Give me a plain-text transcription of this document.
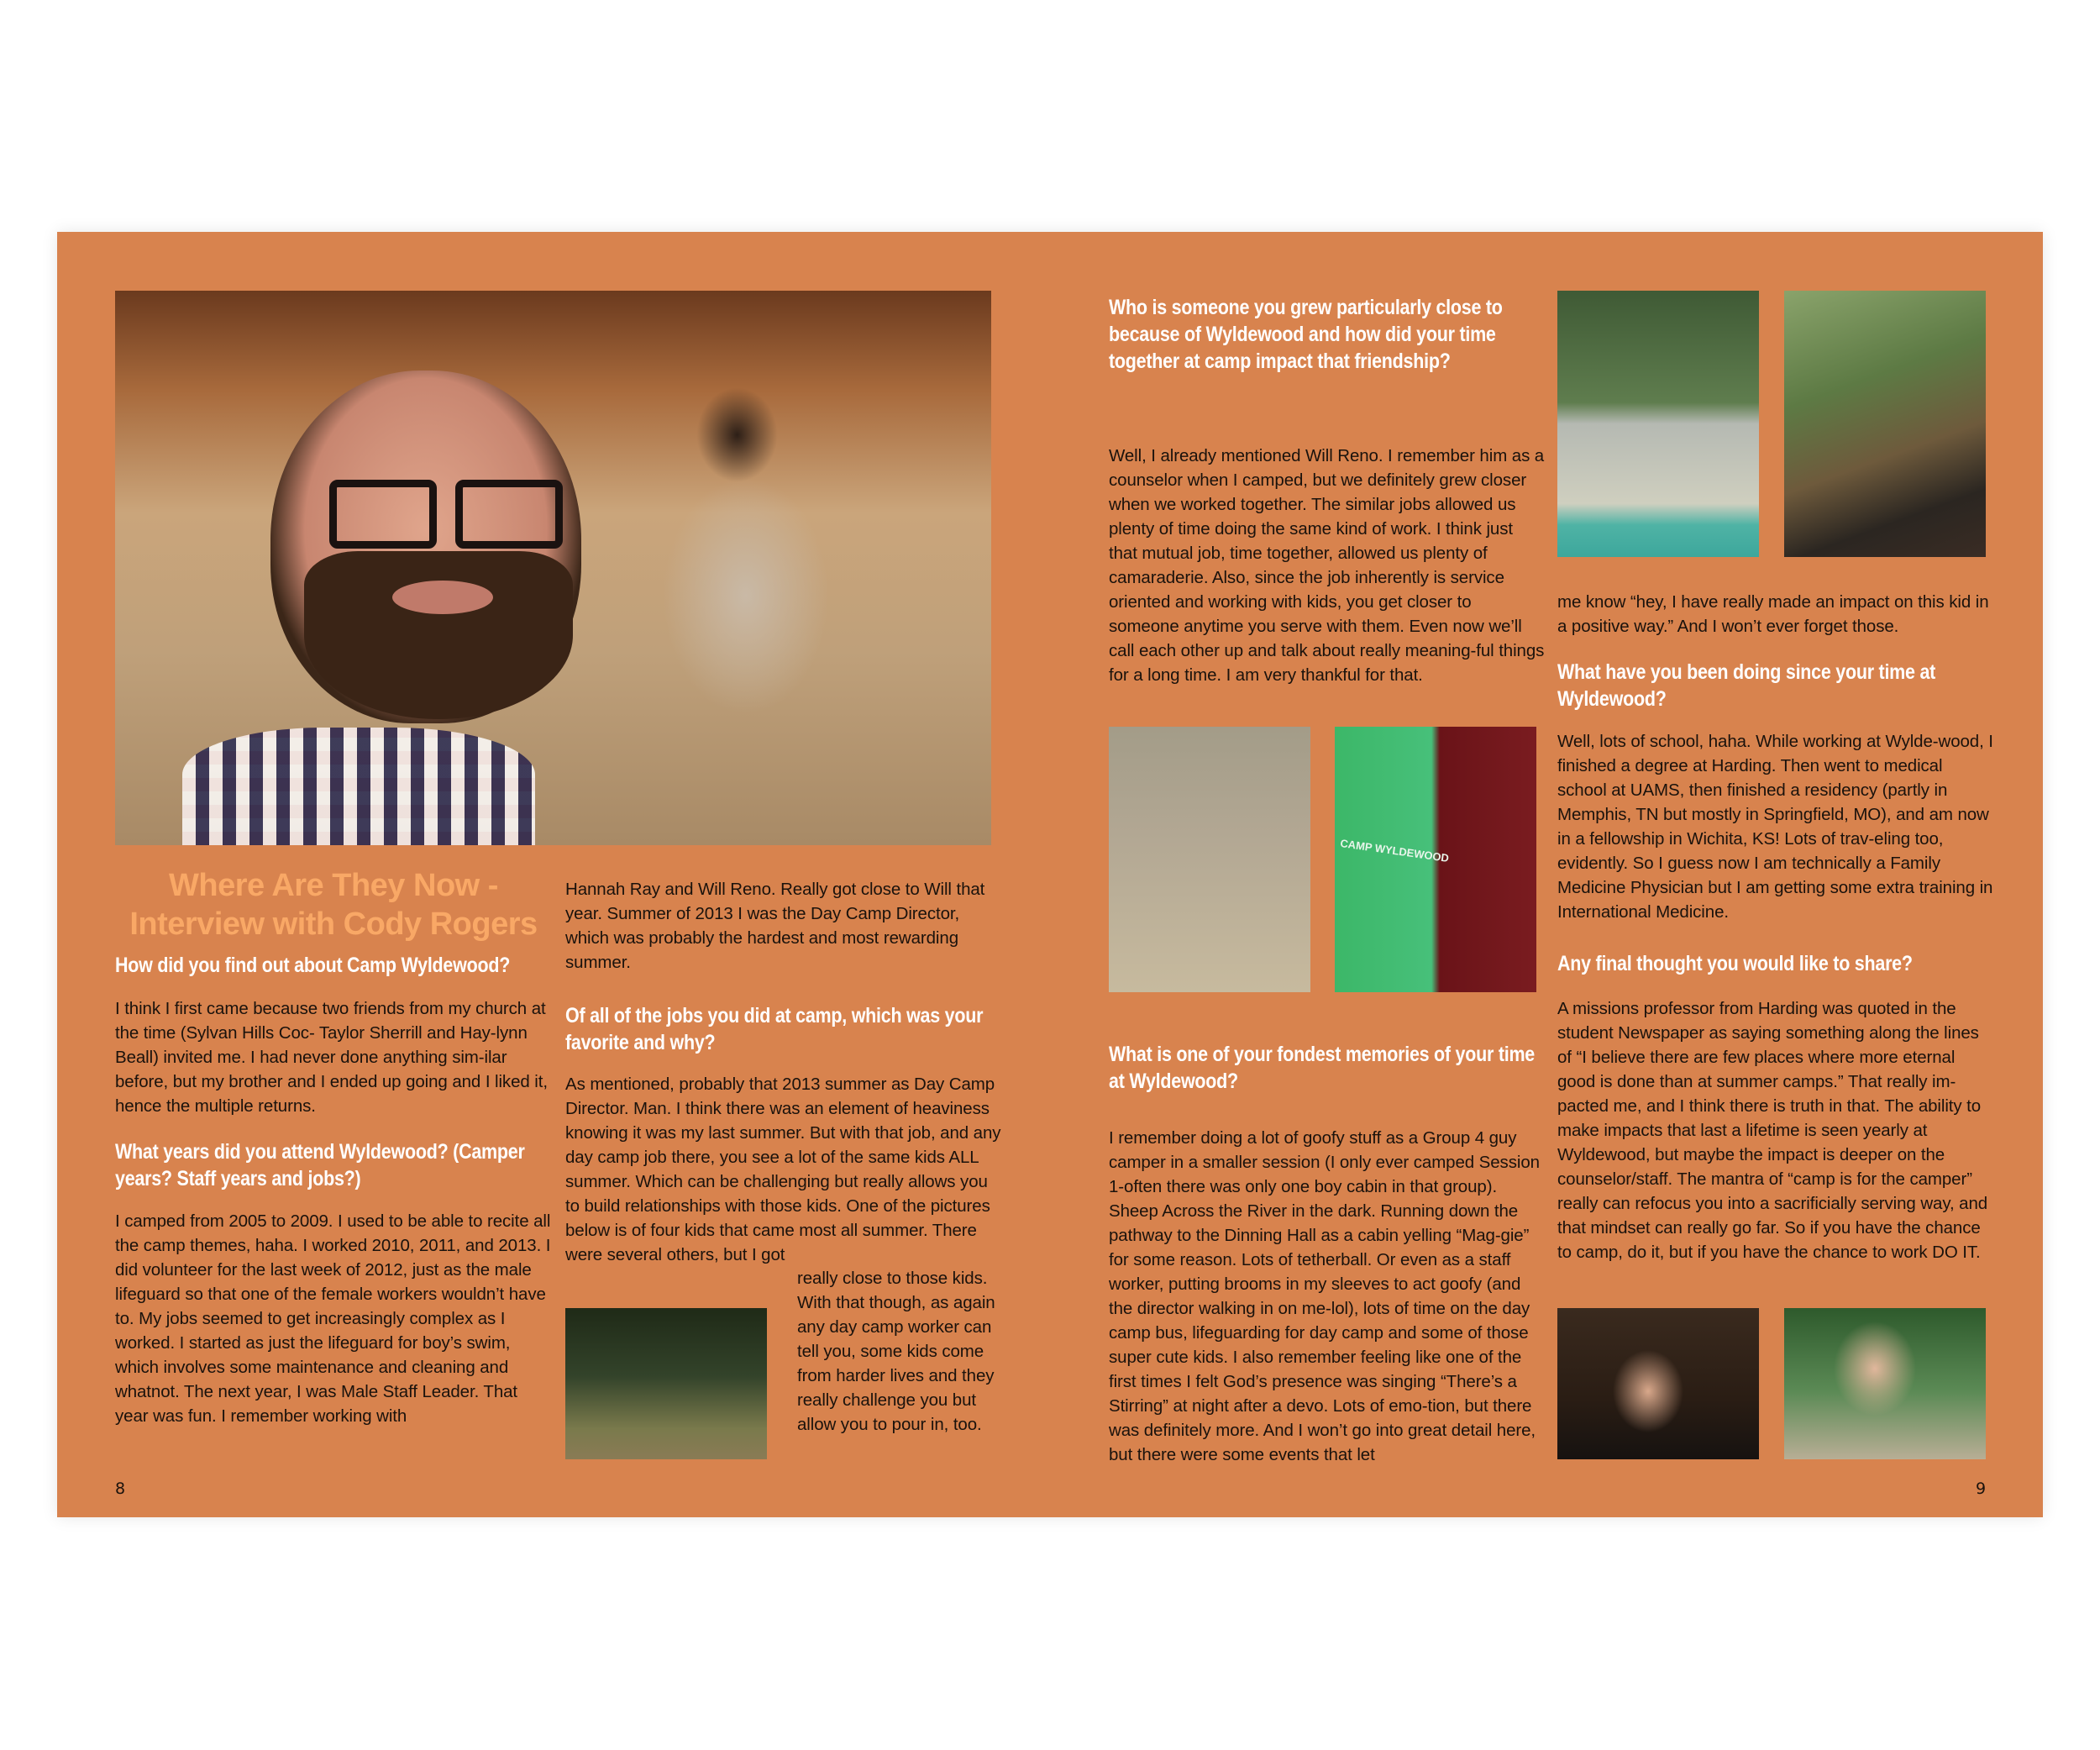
Where Are They Now - Interview with Cody Rogers
How did you find out about Camp Wyldewood?
I think I first came because two friends from my church at the time (Sylvan Hills Coc- Taylor Sherrill and Hay-lynn Beall) invited me. I had never done anything sim-ilar before, but my brother and I ended up going and I liked it, hence the multiple returns.
What years did you attend Wyldewood? (Camper years? Staff years and jobs?)
I camped from 2005 to 2009. I used to be able to recite all the camp themes, haha. I worked 2010, 2011, and 2013. I did volunteer for the last week of 2012, just as the male lifeguard so that one of the female workers wouldn’t have to. My jobs seemed to get increasingly complex as I worked. I started as just the lifeguard for boy’s swim, which involves some maintenance and cleaning and whatnot. The next year, I was Male Staff Leader. That year was fun. I remember working with
Hannah Ray and Will Reno. Really got close to Will that year. Summer of 2013 I was the Day Camp Director, which was probably the hardest and most rewarding summer.
Of all of the jobs you did at camp, which was your favorite and why?
As mentioned, probably that 2013 summer as Day Camp Director. Man. I think there was an element of heaviness knowing it was my last summer. But with that job, and any day camp job there, you see a lot of the same kids ALL summer. Which can be challenging but really allows you to build relationships with those kids. One of the pictures below is of four kids that came most all summer. There were several others, but I got
really close to those kids. With that though, as again any day camp worker can tell you, some kids come from harder lives and they really challenge you but allow you to pour in, too.
8
Who is someone you grew particularly close to because of Wyldewood and how did your time together at camp impact that friendship?
Well, I already mentioned Will Reno. I remember him as a counselor when I camped, but we definitely grew closer when we worked together. The similar jobs allowed us plenty of time doing the same kind of work. I think just that mutual job, time together, allowed us plenty of camaraderie. Also, since the job inherently is service oriented and working with kids, you get closer to someone anytime you serve with them. Even now we’ll call each other up and talk about really meaning-ful things for a long time. I am very thankful for that.
CAMP WYLDEWOOD
What is one of your fondest memories of your time at Wyldewood?
I remember doing a lot of goofy stuff as a Group 4 guy camper in a smaller session (I only ever camped Session 1-often there was only one boy cabin in that group). Sheep Across the River in the dark. Running down the pathway to the Dinning Hall as a cabin yelling “Mag-gie” for some reason. Lots of tetherball. Or even as a staff worker, putting brooms in my sleeves to act goofy (and the director walking in on me-lol), lots of time on the day camp bus, lifeguarding for day camp and some of those super cute kids. I also remember feeling like one of the first times I felt God’s presence was singing “There’s a Stirring” at night after a devo. Lots of emo-tion, but there was definitely more. And I won’t go into great detail here, but there were some events that let
me know “hey, I have really made an impact on this kid in a positive way.” And I won’t ever forget those.
What have you been doing since your time at Wyldewood?
Well, lots of school, haha. While working at Wylde-wood, I finished a degree at Harding. Then went to medical school at UAMS, then finished a residency (partly in Memphis, TN but mostly in Springfield, MO), and am now in a fellowship in Wichita, KS! Lots of trav-eling too, evidently. So I guess now I am technically a Family Medicine Physician but I am getting some extra training in International Medicine.
Any final thought you would like to share?
A missions professor from Harding was quoted in the student Newspaper as saying something along the lines of “I believe there are few places where more eternal good is done than at summer camps.” That really im-pacted me, and I think there is truth in that. The ability to make impacts that last a lifetime is seen yearly at Wyldewood, but maybe the impact is deeper on the counselor/staff. The mantra of “camp is for the camper” really can refocus you into a sacrificially serving way, and that mindset can really go far. So if you have the chance to camp, do it, but if you have the chance to work DO IT.
9
